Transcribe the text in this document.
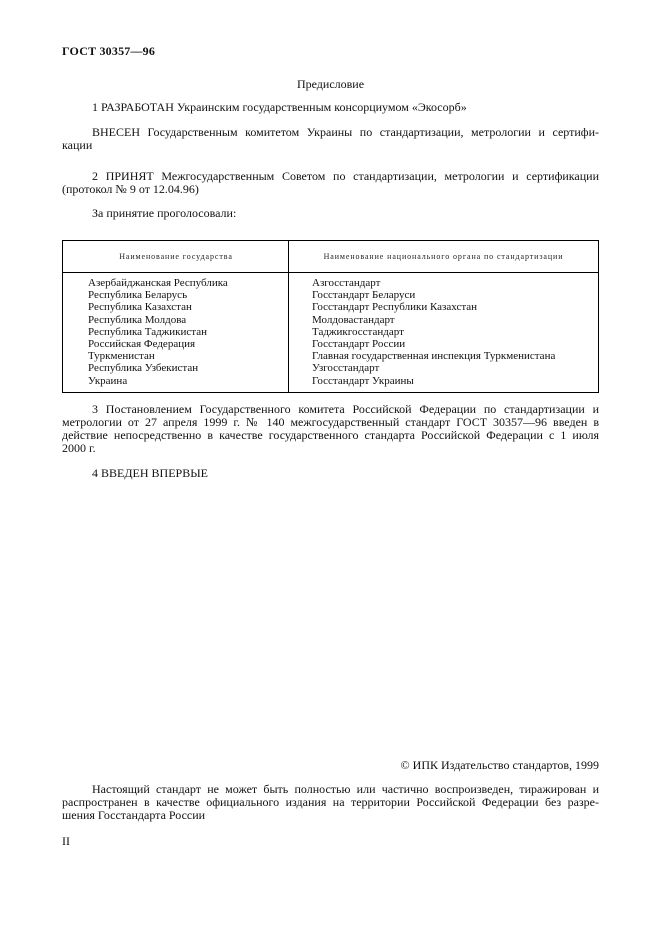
ГОСТ 30357—96
Предисловие
1 РАЗРАБОТАН Украинским государственным консорциумом «Экосорб»
ВНЕСЕН Государственным комитетом Украины по стандартизации, метрологии и сертифи-
кации
2 ПРИНЯТ Межгосударственным Советом по стандартизации, метрологии и сертификации
(протокол № 9 от 12.04.96)
За принятие проголосовали:
Наименование государства	Наименование национального органа по стандартизации
Азербайджанская Республика	Азгосстандарт
Республика Беларусь	Госстандарт Беларуси
Республика Казахстан	Госстандарт Республики Казахстан
Республика Молдова	Молдовастандарт
Республика Таджикистан	Таджикгосстандарт
Российская Федерация	Госстандарт России
Туркменистан	Главная государственная инспекция Туркменистана
Республика Узбекистан	Узгосстандарт
Украина	Госстандарт Украины
3 Постановлением Государственного комитета Российской Федерации по стандартизации и
метрологии от 27 апреля 1999 г. № 140 межгосударственный стандарт ГОСТ 30357—96 введен в
действие непосредственно в качестве государственного стандарта Российской Федерации с 1 июля
2000 г.
4 ВВЕДЕН ВПЕРВЫЕ
© ИПК Издательство стандартов, 1999
Настоящий стандарт не может быть полностью или частично воспроизведен, тиражирован и
распространен в качестве официального издания на территории Российской Федерации без разре-
шения Госстандарта России
II
